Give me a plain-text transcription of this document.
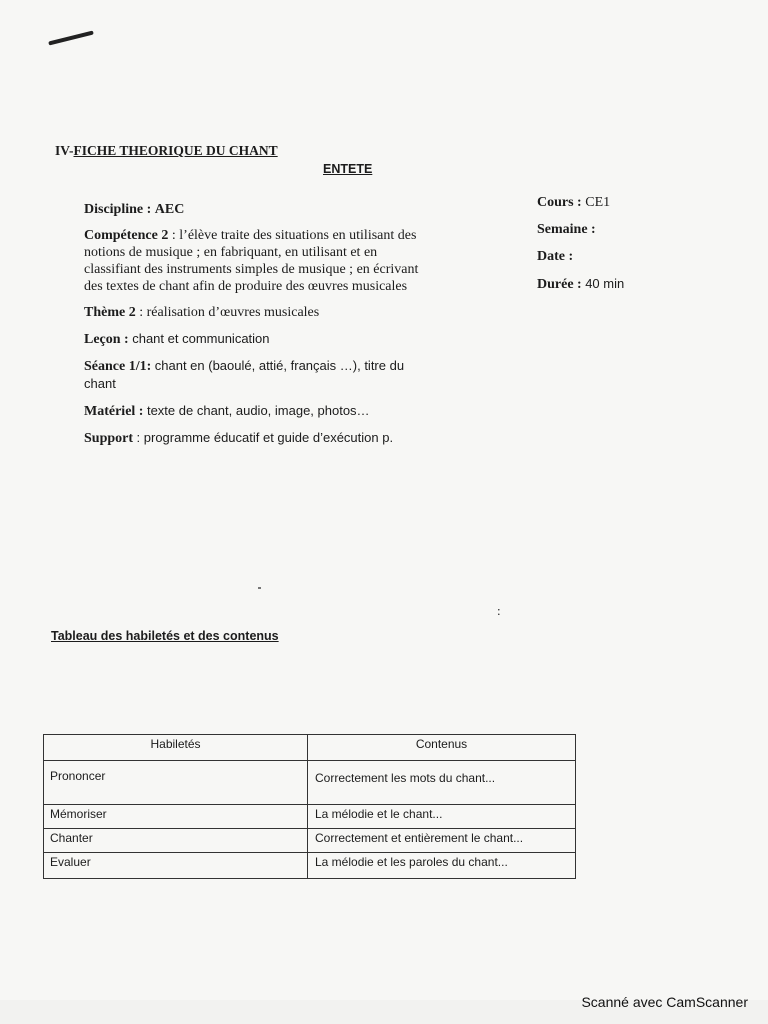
IV-FICHE THEORIQUE DU CHANT
ENTETE
Discipline : AEC
Compétence 2 : l’élève traite des situations en utilisant des notions de musique ; en fabriquant, en utilisant et en classifiant des instruments simples de musique ; en écrivant des textes de chant afin de produire des œuvres musicales
Thème 2 : réalisation d’œuvres musicales
Leçon : chant et communication
Séance 1/1: chant en (baoulé, attié, français …), titre du chant
Matériel : texte de chant, audio, image, photos…
Support : programme éducatif et guide d’exécution p.
Cours : CE1
Semaine :
Date :
Durée : 40 min
:
Tableau des habiletés et des contenus
Habiletés	Contenus
Prononcer	Correctement les mots du chant...
Mémoriser	La mélodie et le chant...
Chanter	Correctement et entièrement le chant...
Evaluer	La mélodie et les paroles du chant...
Scanné avec CamScanner
